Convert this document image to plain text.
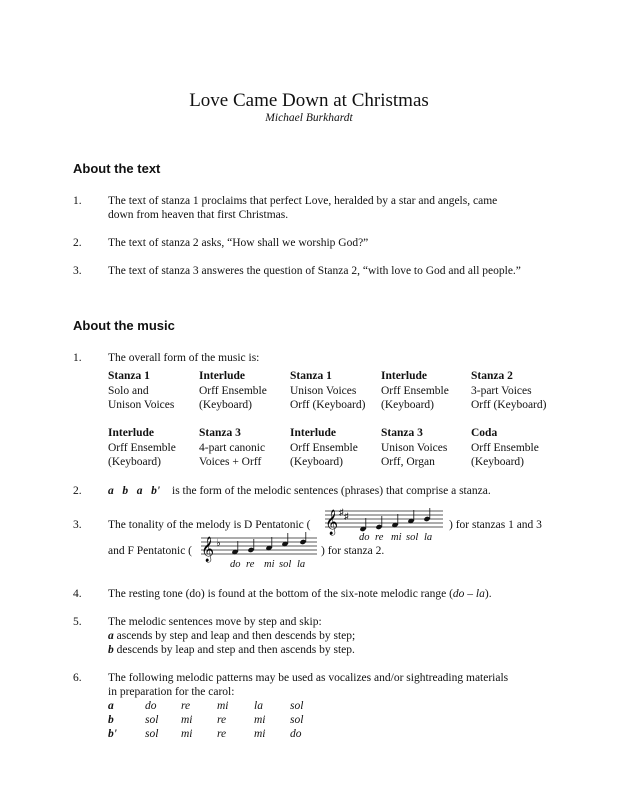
Love Came Down at Christmas
Michael Burkhardt
About the text
1. The text of stanza 1 proclaims that perfect Love, heralded by a star and angels, came
down from heaven that first Christmas.
2. The text of stanza 2 asks, “How shall we worship God?”
3. The text of stanza 3 answeres the question of Stanza 2, “with love to God and all people.”
About the music
1. The overall form of the music is:
Stanza 1
Solo and
Unison Voices
Interlude
Orff Ensemble
(Keyboard)
Stanza 1
Unison Voices
Orff (Keyboard)
Interlude
Orff Ensemble
(Keyboard)
Stanza 2
3-part Voices
Orff (Keyboard)
Interlude
Orff Ensemble
(Keyboard)
Stanza 3
4-part canonic
Voices + Orff
Interlude
Orff Ensemble
(Keyboard)
Stanza 3
Unison Voices
Orff, Organ
Coda
Orff Ensemble
(Keyboard)
2. a   b   a   b' is the form of the melodic sentences (phrases) that comprise a stanza.
3. The tonality of the melody is D Pentatonic ( 𝄞 ♯ ♯
) for stanzas 1 and 3
do re mi sol la
and F Pentatonic ( 𝄞 ♭
) for stanza 2.
do re mi sol la
4. The resting tone (do) is found at the bottom of the six-note melodic range (do – la).
5. The melodic sentences move by step and skip:
a ascends by step and leap and then descends by step;
b descends by leap and step and then ascends by step.
6. The following melodic patterns may be used as vocalizes and/or sightreading materials
in preparation for the carol:
a	do re mi la sol
b	sol mi re mi sol
b' sol mi re mi do
